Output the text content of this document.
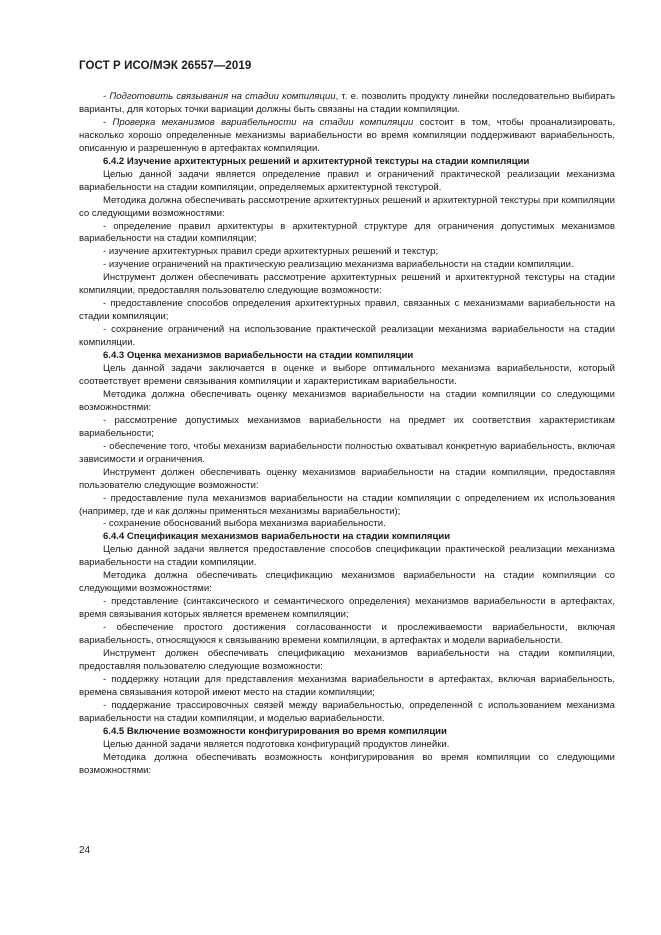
ГОСТ Р ИСО/МЭК 26557—2019

- Подготовить связывания на стадии компиляции, т. е. позволить продукту линейки последовательно выбирать варианты, для которых точки вариации должны быть связаны на стадии компиляции.

- Проверка механизмов вариабельности на стадии компиляции состоит в том, чтобы проанализировать, насколько хорошо определенные механизмы вариабельности во время компиляции поддерживают вариабельность, описанную и разрешенную в артефактах компиляции.

6.4.2 Изучение архитектурных решений и архитектурной текстуры на стадии компиляции

Целью данной задачи является определение правил и ограничений практической реализации механизма вариабельности на стадии компиляции, определяемых архитектурной текстурой.

Методика должна обеспечивать рассмотрение архитектурных решений и архитектурной текстуры при компиляции со следующими возможностями:

- определение правил архитектуры в архитектурной структуре для ограничения допустимых механизмов вариабельности на стадии компиляции;

- изучение архитектурных правил среди архитектурных решений и текстур;

- изучение ограничений на практическую реализацию механизма вариабельности на стадии компиляции.

Инструмент должен обеспечивать рассмотрение архитектурных решений и архитектурной текстуры на стадии компиляции, предоставляя пользователю следующие возможности:

- предоставление способов определения архитектурных правил, связанных с механизмами вариабельности на стадии компиляции;

- сохранение ограничений на использование практической реализации механизма вариабельности на стадии компиляции.

6.4.3 Оценка механизмов вариабельности на стадии компиляции

Цель данной задачи заключается в оценке и выборе оптимального механизма вариабельности, который соответствует времени связывания компиляции и характеристикам вариабельности.

Методика должна обеспечивать оценку механизмов вариабельности на стадии компиляции со следующими возможностями:

- рассмотрение допустимых механизмов вариабельности на предмет их соответствия характеристикам вариабельности;

- обеспечение того, чтобы механизм вариабельности полностью охватывал конкретную вариабельность, включая зависимости и ограничения.

Инструмент должен обеспечивать оценку механизмов вариабельности на стадии компиляции, предоставляя пользователю следующие возможности:

- предоставление пула механизмов вариабельности на стадии компиляции с определением их использования (например, где и как должны применяться механизмы вариабельности);

- сохранение обоснований выбора механизма вариабельности.

6.4.4 Спецификация механизмов вариабельности на стадии компиляции

Целью данной задачи является предоставление способов спецификации практической реализации механизма вариабельности на стадии компиляции.

Методика должна обеспечивать спецификацию механизмов вариабельности на стадии компиляции со следующими возможностями:

- представление (синтаксического и семантического определения) механизмов вариабельности в артефактах, время связывания которых является временем компиляции;

- обеспечение простого достижения согласованности и прослеживаемости вариабельности, включая вариабельность, относящуюся к связыванию времени компиляции, в артефактах и модели вариабельности.

Инструмент должен обеспечивать спецификацию механизмов вариабельности на стадии компиляции, предоставляя пользователю следующие возможности:

- поддержку нотации для представления механизма вариабельности в артефактах, включая вариабельность, времена связывания которой имеют место на стадии компиляции;

- поддержание трассировочных связей между вариабельностью, определенной с использованием механизма вариабельности на стадии компиляции, и моделью вариабельности.

6.4.5 Включение возможности конфигурирования во время компиляции

Целью данной задачи является подготовка конфигураций продуктов линейки.

Методика должна обеспечивать возможность конфигурирования во время компиляции со следующими возможностями:

24
